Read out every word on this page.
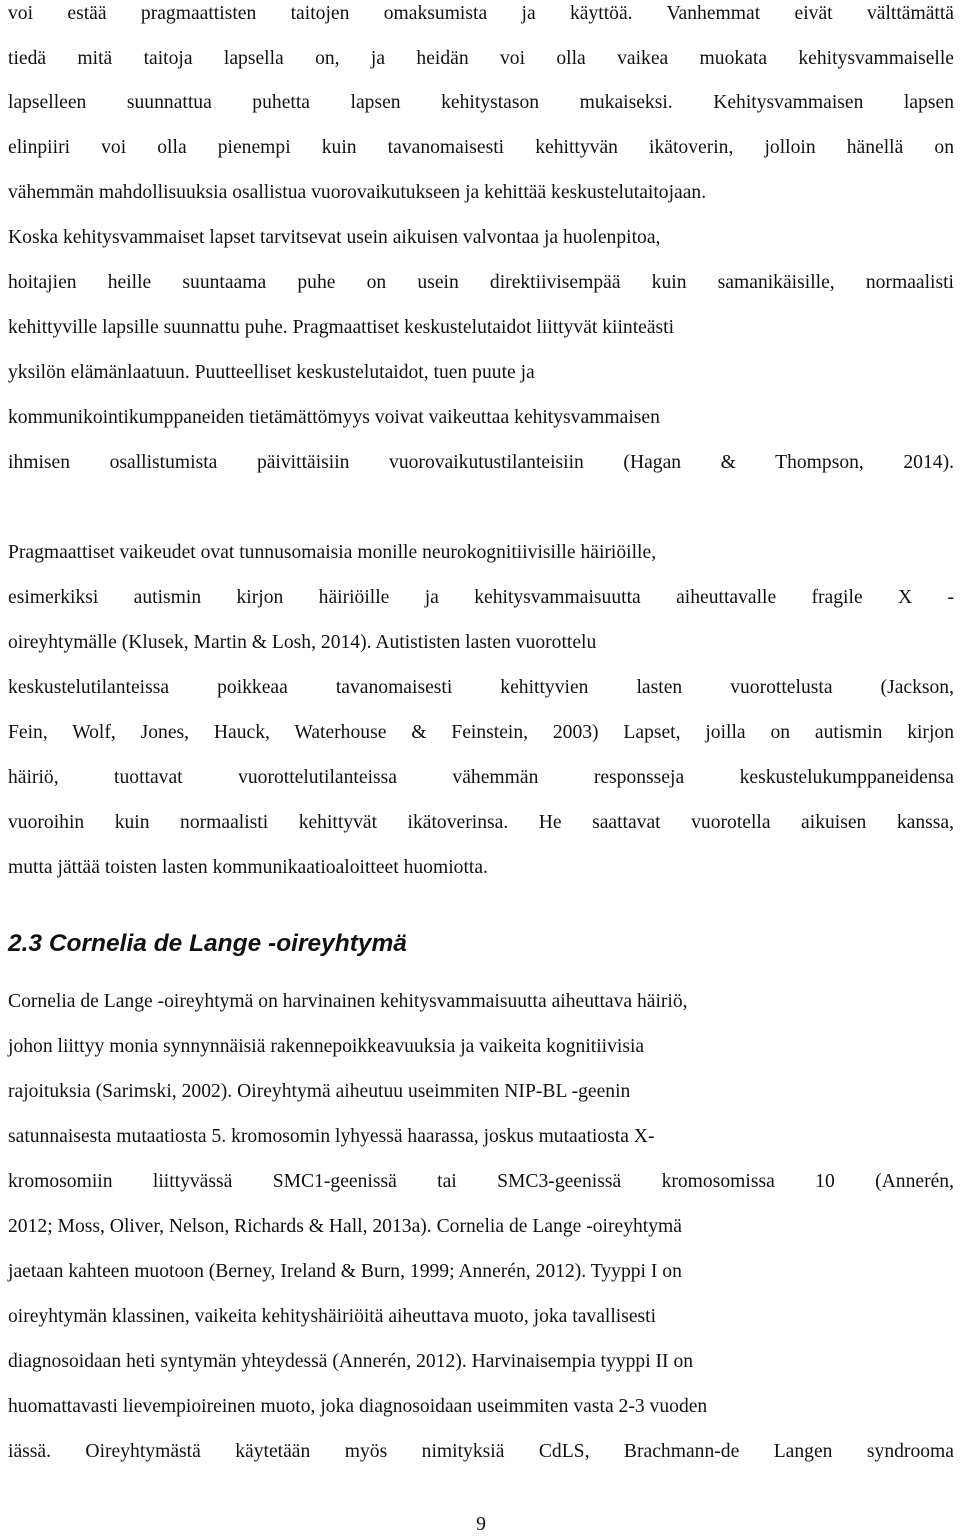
voi estää pragmaattisten taitojen omaksumista ja käyttöä. Vanhemmat eivät välttämättä
tiedä mitä taitoja lapsella on, ja heidän voi olla vaikea muokata kehitysvammaiselle
lapselleen suunnattua puhetta lapsen kehitystason mukaiseksi. Kehitysvammaisen lapsen
elinpiiri voi olla pienempi kuin tavanomaisesti kehittyvän ikätoverin, jolloin hänellä on
vähemmän mahdollisuuksia osallistua vuorovaikutukseen ja kehittää keskustelutaitojaan.
Koska kehitysvammaiset lapset tarvitsevat usein aikuisen valvontaa ja huolenpitoa,
hoitajien heille suuntaama puhe on usein direktiivisempää kuin samanikäisille, normaalisti
kehittyville lapsille suunnattu puhe. Pragmaattiset keskustelutaidot liittyvät kiinteästi
yksilön elämänlaatuun. Puutteelliset keskustelutaidot, tuen puute ja
kommunikointikumppaneiden tietämättömyys voivat vaikeuttaa kehitysvammaisen
ihmisen osallistumista päivittäisiin vuorovaikutustilanteisiin (Hagan & Thompson, 2014).
Pragmaattiset vaikeudet ovat tunnusomaisia monille neurokognitiivisille häiriöille,
esimerkiksi autismin kirjon häiriöille ja kehitysvammaisuutta aiheuttavalle fragile X -
oireyhtymälle (Klusek, Martin & Losh, 2014). Autististen lasten vuorottelu
keskustelutilanteissa poikkeaa tavanomaisesti kehittyvien lasten vuorottelusta (Jackson,
Fein, Wolf, Jones, Hauck, Waterhouse & Feinstein, 2003) Lapset, joilla on autismin kirjon
häiriö, tuottavat vuorottelutilanteissa vähemmän responsseja keskustelukumppaneidensa
vuoroihin kuin normaalisti kehittyvät ikätoverinsa. He saattavat vuorotella aikuisen kanssa,
mutta jättää toisten lasten kommunikaatioaloitteet huomiotta.
2.3 Cornelia de Lange -oireyhtymä
Cornelia de Lange -oireyhtymä on harvinainen kehitysvammaisuutta aiheuttava häiriö,
johon liittyy monia synnynnäisiä rakennepoikkeavuuksia ja vaikeita kognitiivisia
rajoituksia (Sarimski, 2002). Oireyhtymä aiheutuu useimmiten NIP-BL -geenin
satunnaisesta mutaatiosta 5. kromosomin lyhyessä haarassa, joskus mutaatiosta X-
kromosomiin liittyvässä SMC1-geenissä tai SMC3-geenissä kromosomissa 10 (Annerén,
2012; Moss, Oliver, Nelson, Richards & Hall, 2013a). Cornelia de Lange -oireyhtymä
jaetaan kahteen muotoon (Berney, Ireland & Burn, 1999; Annerén, 2012). Tyyppi I on
oireyhtymän klassinen, vaikeita kehityshäiriöitä aiheuttava muoto, joka tavallisesti
diagnosoidaan heti syntymän yhteydessä (Annerén, 2012). Harvinaisempia tyyppi II on
huomattavasti lievempioireinen muoto, joka diagnosoidaan useimmiten vasta 2-3 vuoden
iässä. Oireyhtymästä käytetään myös nimityksiä CdLS, Brachmann-de Langen syndrooma
9
